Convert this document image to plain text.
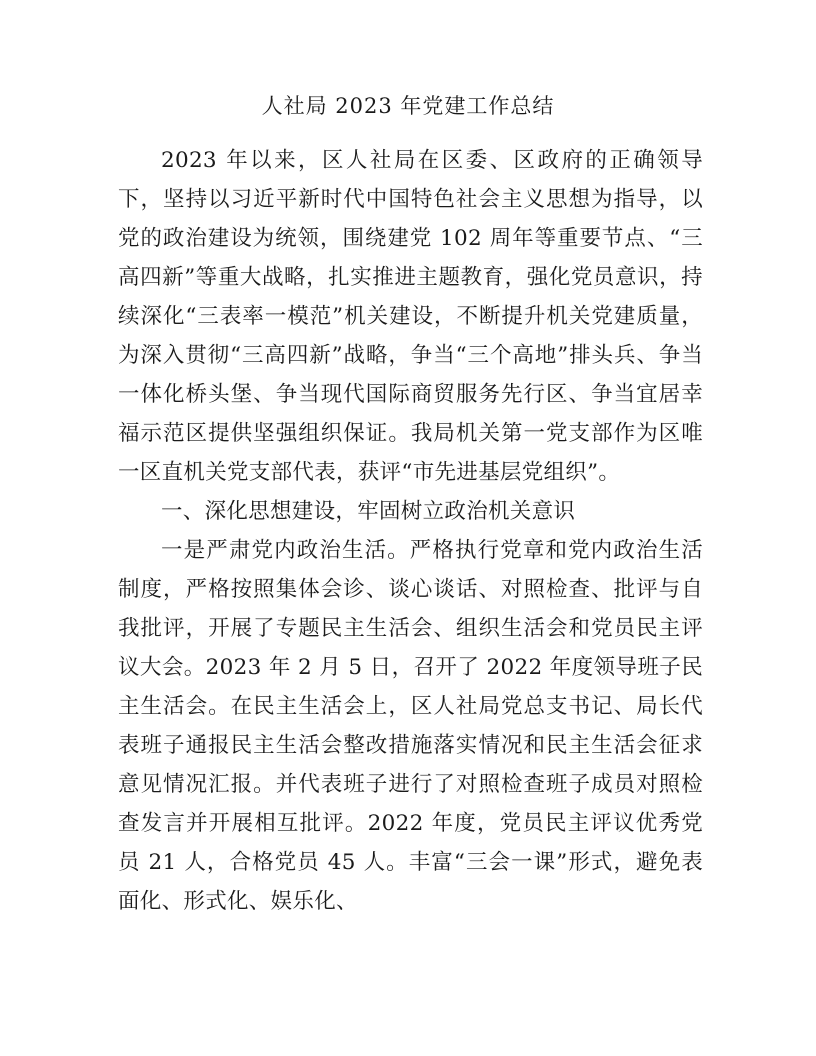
人社局 2023 年党建工作总结

2023 年以来，区人社局在区委、区政府的正确领导下，坚持以习近平新时代中国特色社会主义思想为指导，以党的政治建设为统领，围绕建党 102 周年等重要节点、“三高四新”等重大战略，扎实推进主题教育，强化党员意识，持续深化“三表率一模范”机关建设，不断提升机关党建质量，为深入贯彻“三高四新”战略，争当“三个高地”排头兵、争当一体化桥头堡、争当现代国际商贸服务先行区、争当宜居幸福示范区提供坚强组织保证。我局机关第一党支部作为区唯一区直机关党支部代表，获评“市先进基层党组织”。

一、深化思想建设，牢固树立政治机关意识

一是严肃党内政治生活。严格执行党章和党内政治生活制度，严格按照集体会诊、谈心谈话、对照检查、批评与自我批评，开展了专题民主生活会、组织生活会和党员民主评议大会。2023 年 2 月 5 日，召开了 2022 年度领导班子民主生活会。在民主生活会上，区人社局党总支书记、局长代表班子通报民主生活会整改措施落实情况和民主生活会征求意见情况汇报。并代表班子进行了对照检查班子成员对照检查发言并开展相互批评。2022 年度，党员民主评议优秀党员 21 人，合格党员 45 人。丰富“三会一课”形式，避免表面化、形式化、娱乐化、
